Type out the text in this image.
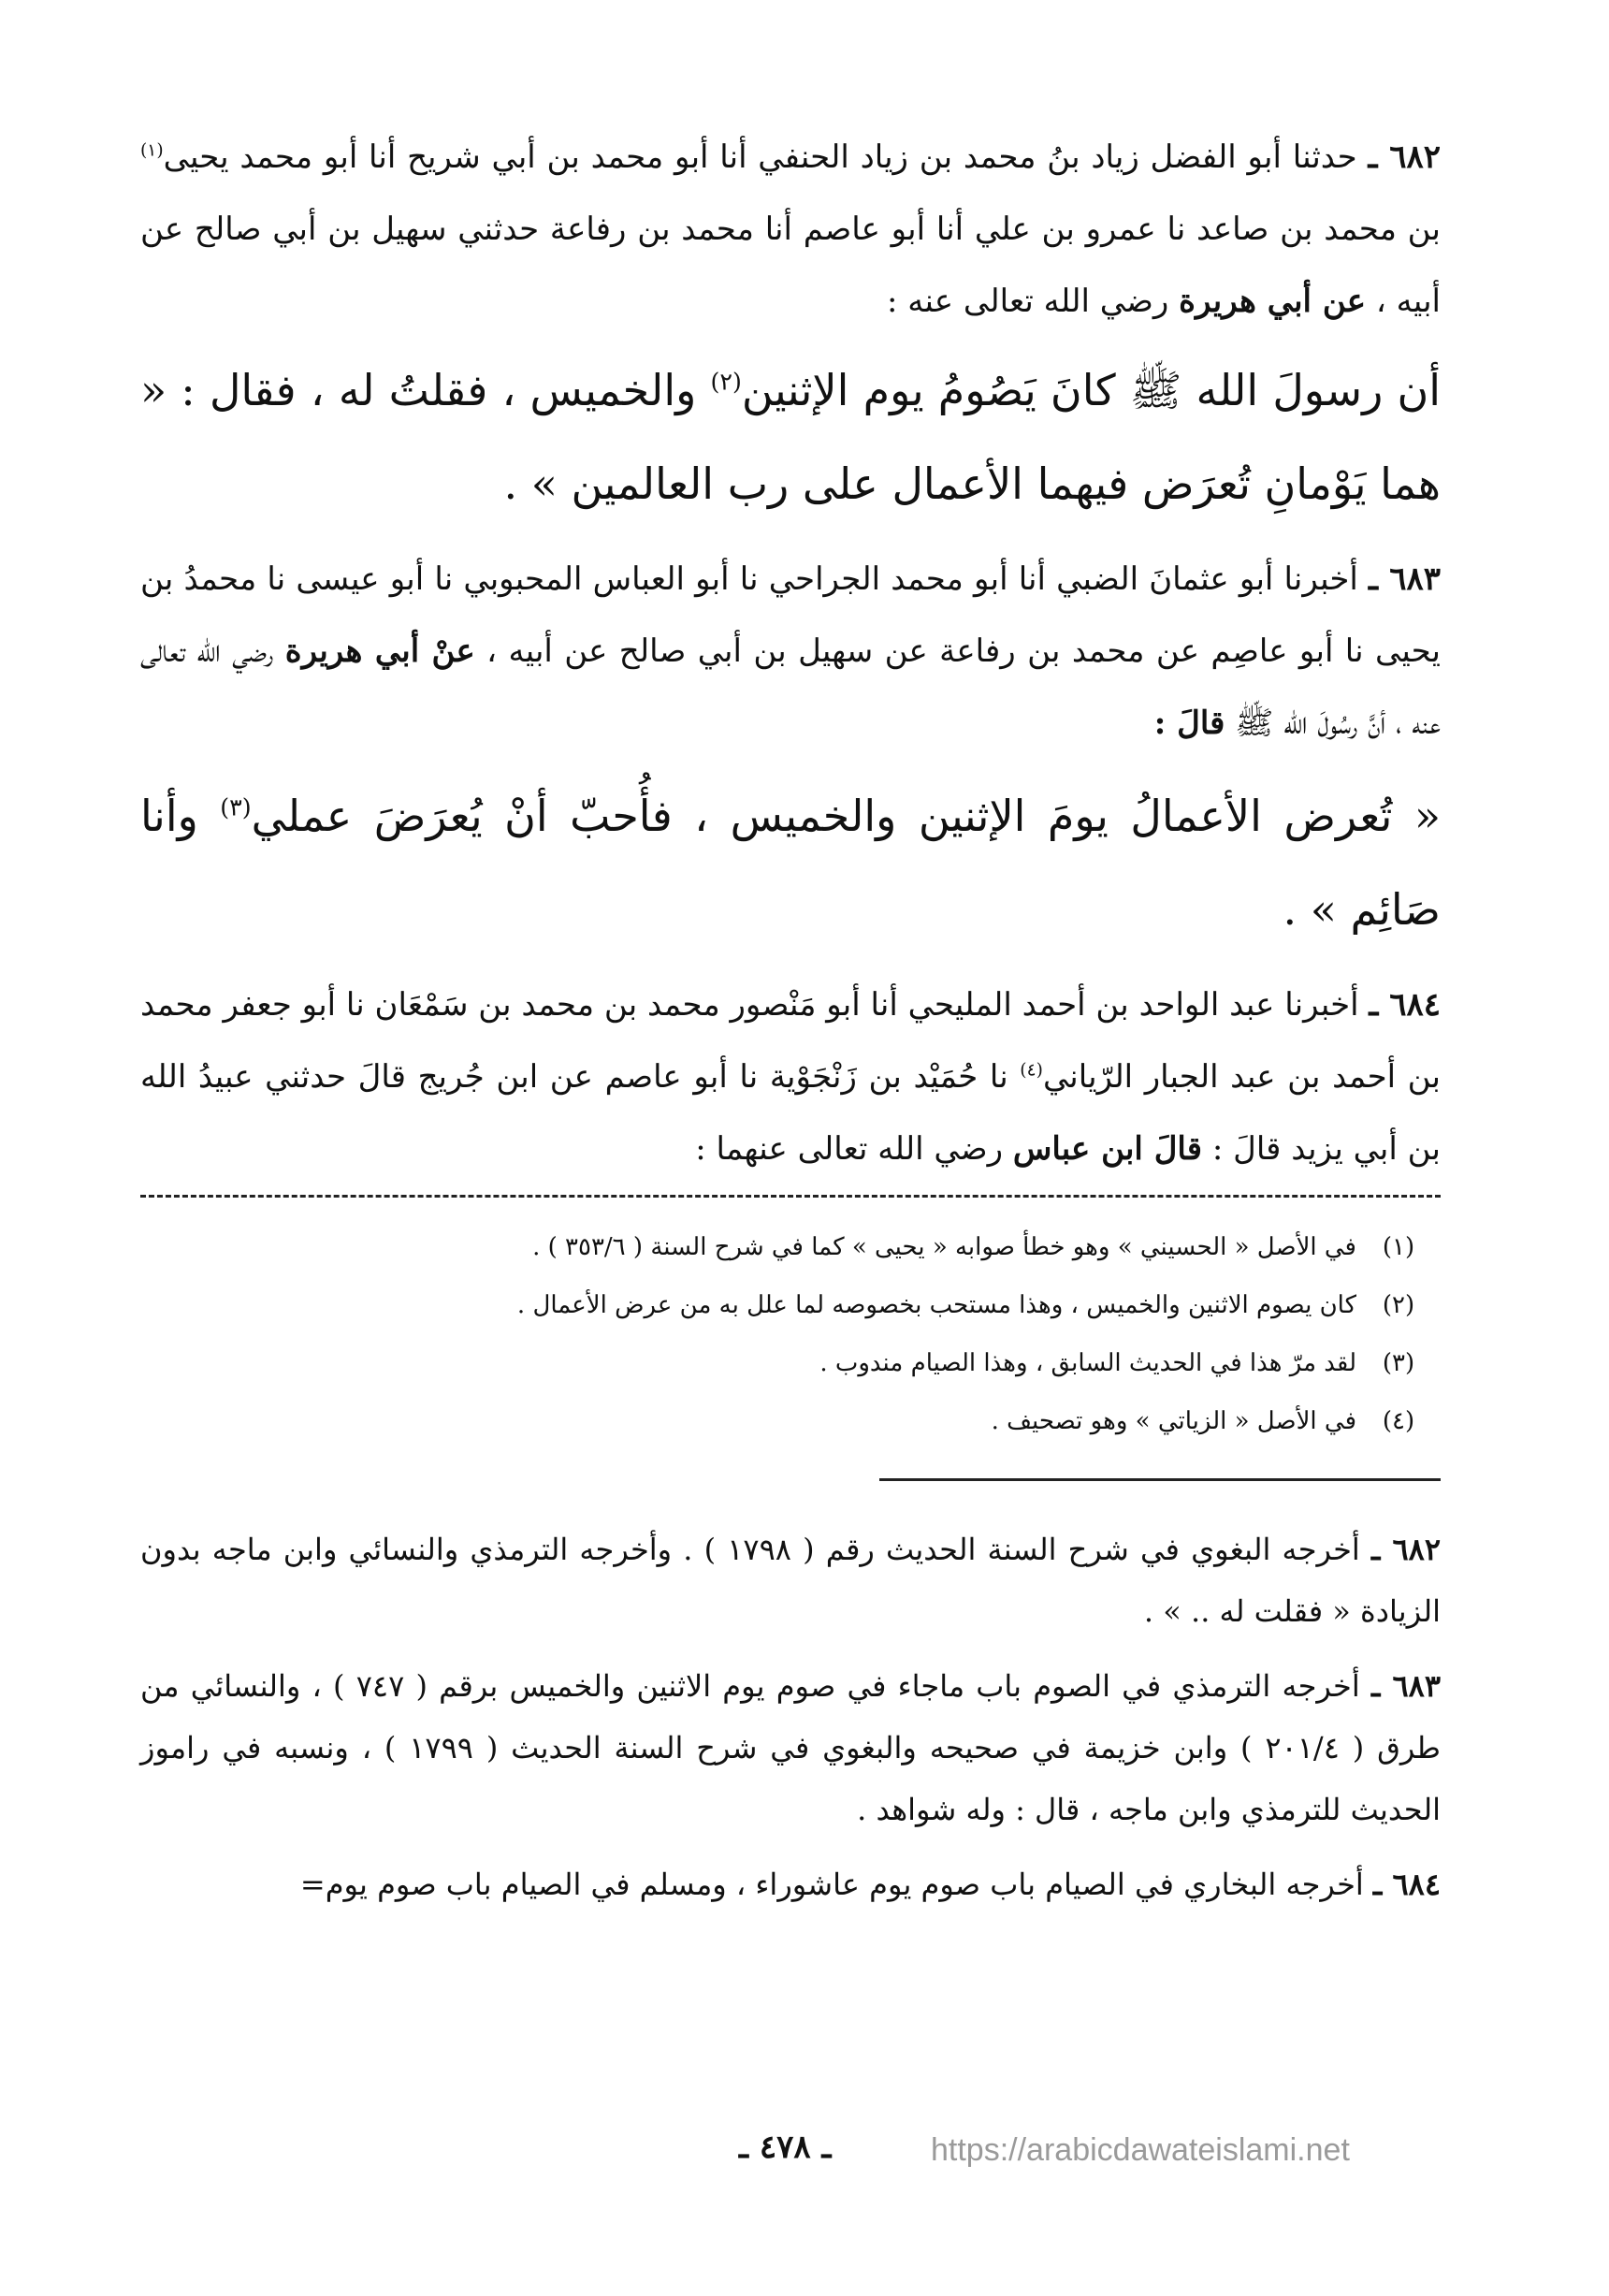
٦٨٢ ـ حدثنا أبو الفضل زياد بنُ محمد بن زياد الحنفي أنا أبو محمد بن أبي شريح أنا أبو محمد يحيى$^{(١)}$ بن محمد بن صاعد نا عمرو بن علي أنا أبو عاصم أنا محمد بن رفاعة حدثني سهيل بن أبي صالح عن أبيه ، عن أبي هريرة رضي الله تعالى عنه :

أن رسولَ الله ﷺ كانَ يَصُومُ يوم الإثنين$^{(٢)}$ والخميس ، فقلتُ له ، فقال : « هما يَوْمانِ تُعرَض فيهما الأعمال على رب العالمين » .

٦٨٣ ـ أخبرنا أبو عثمانَ الضبي أنا أبو محمد الجراحي نا أبو العباس المحبوبي نا أبو عيسى نا محمدُ بن يحيى نا أبو عاصِم عن محمد بن رفاعة عن سهيل بن أبي صالح عن أبيه ، عنْ أبي هريرة رضي الله تعالى عنه ، أنَّ رسُولَ الله ﷺ قالَ :

« تُعرض الأعمالُ يومَ الإثنين والخميس ، فأُحبّ أنْ يُعرَضَ عملي$^{(٣)}$ وأنا صَائِم » .

٦٨٤ ـ أخبرنا عبد الواحد بن أحمد المليحي أنا أبو مَنْصور محمد بن محمد بن سَمْعَان نا أبو جعفر محمد بن أحمد بن عبد الجبار الرّياني$^{(٤)}$ نا حُمَيْد بن زَنْجَوْية نا أبو عاصم عن ابن جُريج قالَ حدثني عبيدُ الله بن أبي يزيد قالَ : قالَ ابن عباس رضي الله تعالى عنهما :

(١)
في الأصل « الحسيني » وهو خطأ صوابه « يحيى » كما في شرح السنة ( ٣٥٣/٦ ) .
(٢)
كان يصوم الاثنين والخميس ، وهذا مستحب بخصوصه لما علل به من عرض الأعمال .
(٣)
لقد مرّ هذا في الحديث السابق ، وهذا الصيام مندوب .
(٤)
في الأصل « الزياتي » وهو تصحيف .

٦٨٢ ـ أخرجه البغوي في شرح السنة الحديث رقم ( ١٧٩٨ ) . وأخرجه الترمذي والنسائي وابن ماجه بدون الزيادة « فقلت له .. » .

٦٨٣ ـ أخرجه الترمذي في الصوم باب ماجاء في صوم يوم الاثنين والخميس برقم ( ٧٤٧ ) ، والنسائي من طرق ( ٢٠١/٤ ) وابن خزيمة في صحيحه والبغوي في شرح السنة الحديث ( ١٧٩٩ ) ، ونسبه في راموز الحديث للترمذي وابن ماجه ، قال : وله شواهد .

٦٨٤ ـ أخرجه البخاري في الصيام باب صوم يوم عاشوراء ، ومسلم في الصيام باب صوم يوم=

ـ ٤٧٨ ـ	https://arabicdawateislami.net
